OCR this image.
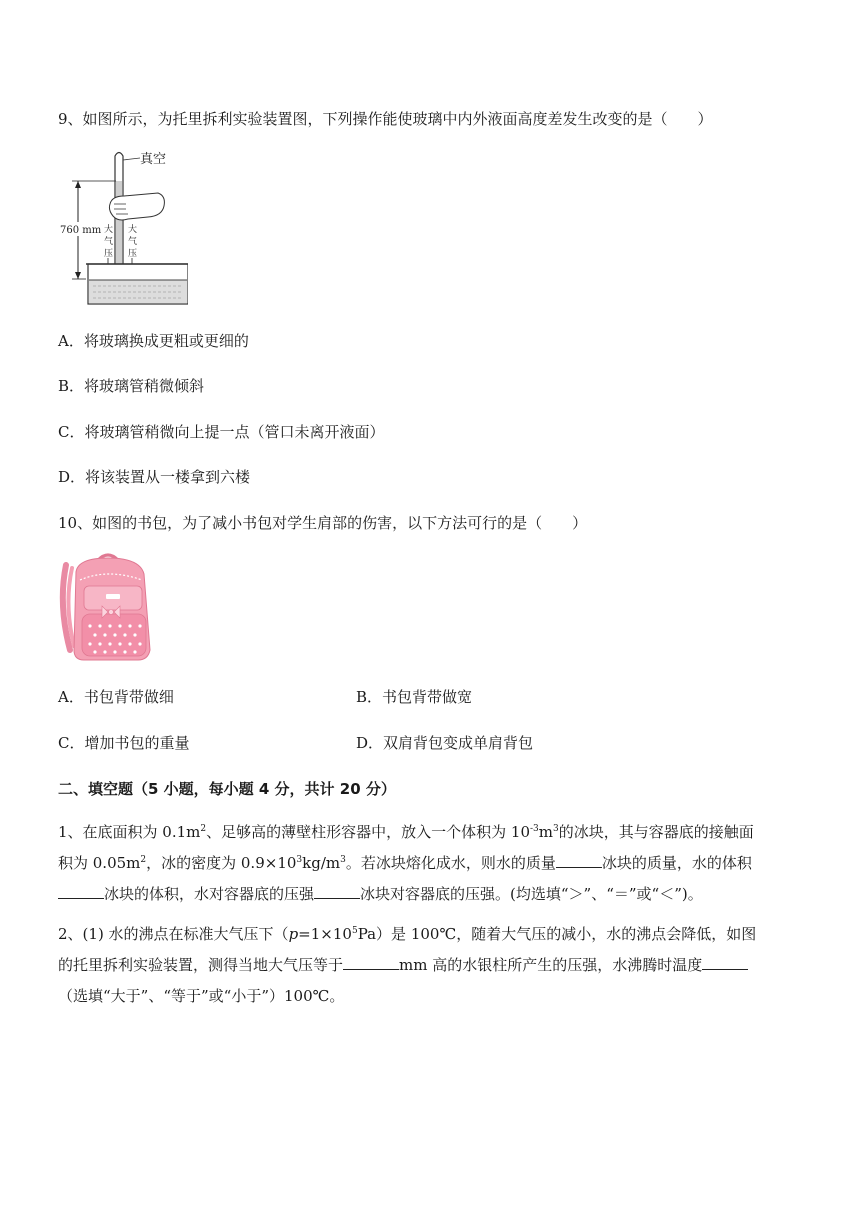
9、如图所示，为托里拆利实验装置图，下列操作能使玻璃中内外液面高度差发生改变的是（　　）
760 mm
真空
大
气
压
大
气
压
A．将玻璃换成更粗或更细的
B．将玻璃管稍微倾斜
C．将玻璃管稍微向上提一点（管口未离开液面）
D．将该装置从一楼拿到六楼
10、如图的书包，为了减小书包对学生肩部的伤害，以下方法可行的是（　　）
A．书包背带做细	B．书包背带做宽
C．增加书包的重量	D．双肩背包变成单肩背包
二、填空题（5 小题，每小题 4 分，共计 20 分）
1、在底面积为 $0.1m^2$、足够高的薄壁柱形容器中，放入一个体积为 $10^{-3}m^3$的冰块，其与容器底的接触面
积为 $0.05m^2$，冰的密度为 $0.9\times 10^3kg/m^3$。若冰块熔化成水，则水的质量	冰块的质量，水的体积
冰块的体积，水对容器底的压强	冰块对容器底的压强。(均选填“＞”、“＝”或“＜”)。
2、(1) 水的沸点在标准大气压下$(p=1\times 10^5Pa)$是 100℃，随着大气压的减小，水的沸点会降低，如图
的托里拆利实验装置，测得当地大气压等于	mm 高的水银柱所产生的压强，水沸腾时温度
（选填“大于”、“等于”或“小于”）100℃。
